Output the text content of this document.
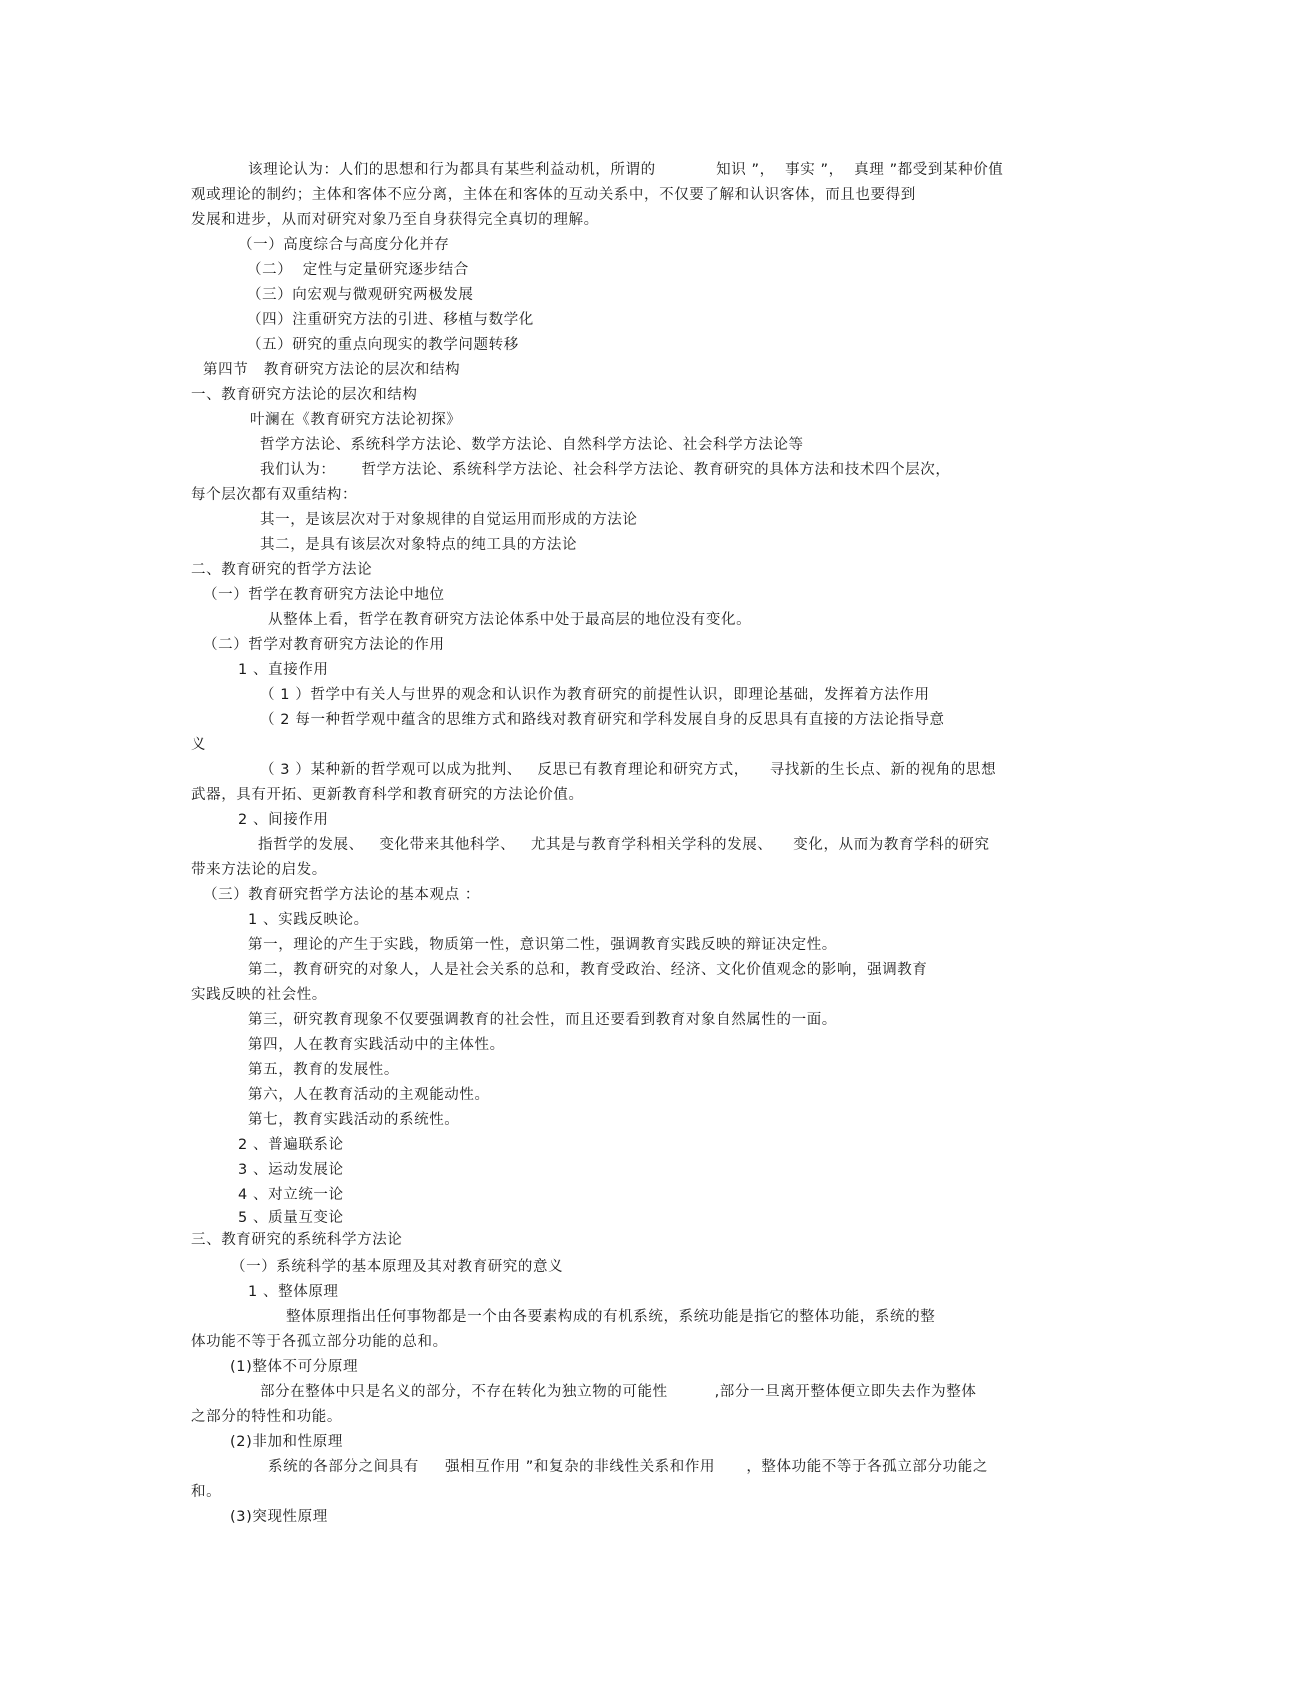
该理论认为：人们的思想和行为都具有某些利益动机，所谓的　　　　知识 ”，  事实 ”，  真理 ”都受到某种价值
观或理论的制约；主体和客体不应分离，主体在和客体的互动关系中，不仅要了解和认识客体，而且也要得到
发展和进步，从而对研究对象乃至自身获得完全真切的理解。
（一）高度综合与高度分化并存
（二）  定性与定量研究逐步结合
（三）向宏观与微观研究两极发展
（四）注重研究方法的引进、移植与数学化
（五）研究的重点向现实的教学问题转移
第四节   教育研究方法论的层次和结构
一、教育研究方法论的层次和结构
叶澜在《教育研究方法论初探》
哲学方法论、系统科学方法论、数学方法论、自然科学方法论、社会科学方法论等
我们认为：     哲学方法论、系统科学方法论、社会科学方法论、教育研究的具体方法和技术四个层次，
每个层次都有双重结构：
其一，是该层次对于对象规律的自觉运用而形成的方法论
其二，是具有该层次对象特点的纯工具的方法论
二、教育研究的哲学方法论
（一）哲学在教育研究方法论中地位
从整体上看，哲学在教育研究方法论体系中处于最高层的地位没有变化。
（二）哲学对教育研究方法论的作用
1 、直接作用
（ 1 ）哲学中有关人与世界的观念和认识作为教育研究的前提性认识，即理论基础，发挥着方法作用
（ 2 每一种哲学观中蕴含的思维方式和路线对教育研究和学科发展自身的反思具有直接的方法论指导意
义
（ 3 ）某种新的哲学观可以成为批判、   反思已有教育理论和研究方式，    寻找新的生长点、新的视角的思想
武器，具有开拓、更新教育科学和教育研究的方法论价值。
2 、间接作用
指哲学的发展、   变化带来其他科学、   尤其是与教育学科相关学科的发展、    变化，从而为教育学科的研究
带来方法论的启发。
（三）教育研究哲学方法论的基本观点 ：
1 、实践反映论。
第一，理论的产生于实践，物质第一性，意识第二性，强调教育实践反映的辩证决定性。
第二，教育研究的对象人，人是社会关系的总和，教育受政治、经济、文化价值观念的影响，强调教育
实践反映的社会性。
第三，研究教育现象不仅要强调教育的社会性，而且还要看到教育对象自然属性的一面。
第四，人在教育实践活动中的主体性。
第五，教育的发展性。
第六，人在教育活动的主观能动性。
第七，教育实践活动的系统性。
2 、普遍联系论
3 、运动发展论
4 、对立统一论
5 、质量互变论
三、教育研究的系统科学方法论
（一）系统科学的基本原理及其对教育研究的意义
1 、整体原理
整体原理指出任何事物都是一个由各要素构成的有机系统，系统功能是指它的整体功能，系统的整
体功能不等于各孤立部分功能的总和。
(1)整体不可分原理
部分在整体中只是名义的部分，不存在转化为独立物的可能性         ,部分一旦离开整体便立即失去作为整体
之部分的特性和功能。
(2)非加和性原理
系统的各部分之间具有     强相互作用 ”和复杂的非线性关系和作用      ，整体功能不等于各孤立部分功能之
和。
(3)突现性原理
